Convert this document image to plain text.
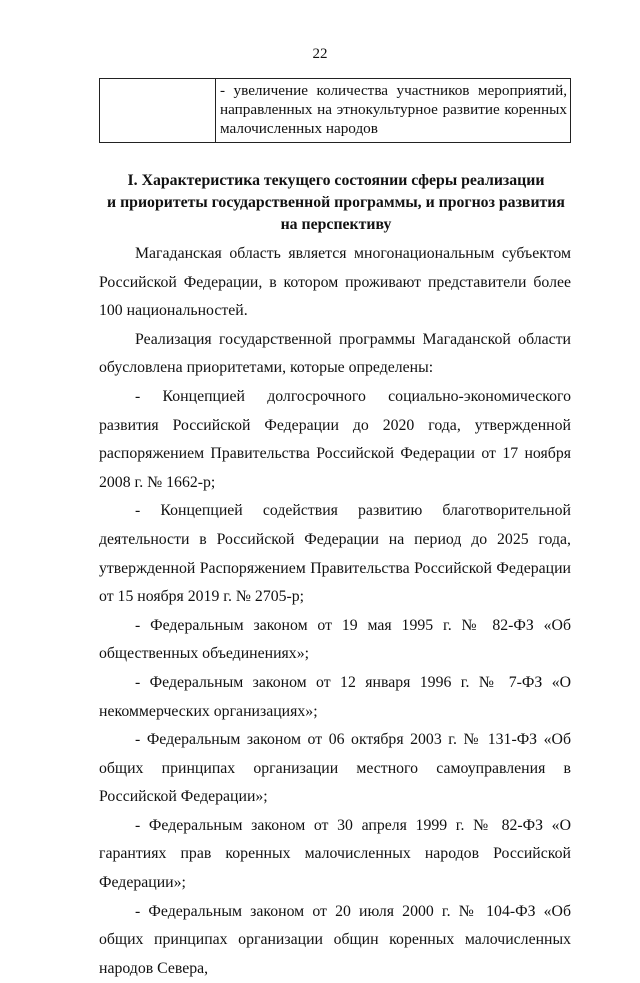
22
	- увеличение количества участников мероприятий, направленных на этнокультурное развитие коренных малочисленных народов
I. Характеристика текущего состоянии сферы реализации
и приоритеты государственной программы, и прогноз развития
на перспективу

Магаданская область является многонациональным субъектом Российской Федерации, в котором проживают представители более 100 национальностей.

Реализация государственной программы Магаданской области обусловлена приоритетами, которые определены:

- Концепцией долгосрочного социально-экономического развития Российской Федерации до 2020 года, утвержденной распоряжением Правительства Российской Федерации от 17 ноября 2008 г. № 1662-р;

- Концепцией содействия развитию благотворительной деятельности в Российской Федерации на период до 2025 года, утвержденной Распоряжением Правительства Российской Федерации от 15 ноября 2019 г. № 2705-р;

- Федеральным законом от 19 мая 1995 г. № 82-ФЗ «Об общественных объединениях»;

- Федеральным законом от 12 января 1996 г. № 7-ФЗ «О некоммерческих организациях»;

- Федеральным законом от 06 октября 2003 г. № 131-ФЗ «Об общих принципах организации местного самоуправления в Российской Федерации»;

- Федеральным законом от 30 апреля 1999 г. № 82-ФЗ «О гарантиях прав коренных малочисленных народов Российской Федерации»;

- Федеральным законом от 20 июля 2000 г. № 104-ФЗ «Об общих принципах организации общин коренных малочисленных народов Севера,
